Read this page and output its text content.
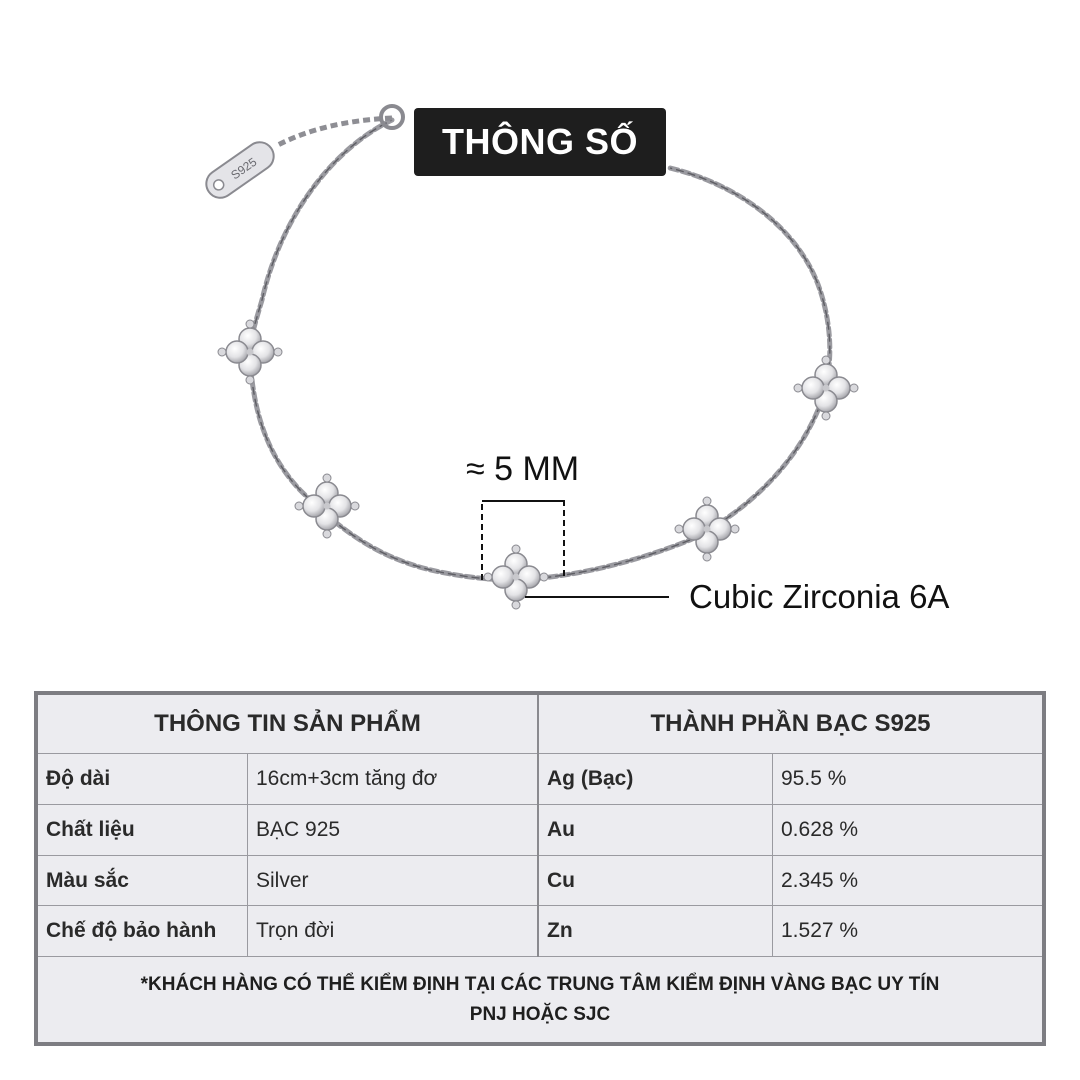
S925
THÔNG SỐ
≈ 5 MM
Cubic Zirconia 6A
THÔNG TIN SẢN PHẨM
Độ dài	16cm+3cm tăng đơ
Chất liệu	BẠC 925
Màu sắc	Silver
Chế độ bảo hành	Trọn đời
THÀNH PHẦN BẠC S925
Ag (Bạc)	95.5 %
Au	0.628 %
Cu	2.345 %
Zn	1.527 %
*KHÁCH HÀNG CÓ THỂ KIỂM ĐỊNH TẠI CÁC TRUNG TÂM KIỂM ĐỊNH VÀNG BẠC UY TÍN
PNJ HOẶC SJC
